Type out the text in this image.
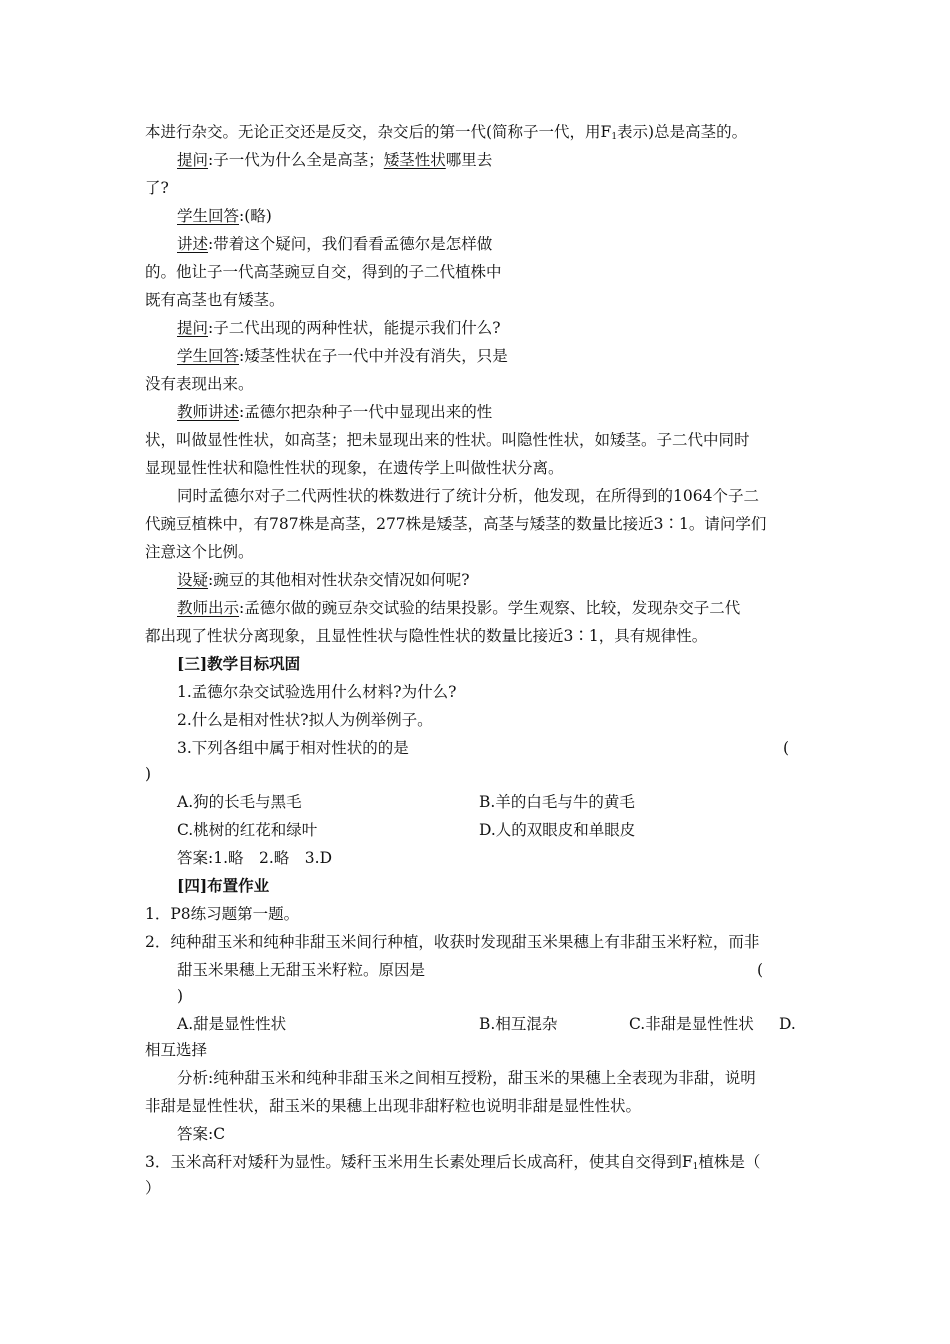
本进行杂交。无论正交还是反交，杂交后的第一代(简称子一代，用$F_1$表示)总是高茎的。
提问:子一代为什么全是高茎；矮茎性状哪里去
了?
学生回答:(略)
讲述:带着这个疑问，我们看看孟德尔是怎样做
的。他让子一代高茎豌豆自交，得到的子二代植株中
既有高茎也有矮茎。
提问:子二代出现的两种性状，能提示我们什么?
学生回答:矮茎性状在子一代中并没有消失，只是
没有表现出来。
教师讲述:孟德尔把杂种子一代中显现出来的性
状，叫做显性性状，如高茎；把未显现出来的性状。叫隐性性状，如矮茎。子二代中同时
显现显性性状和隐性性状的现象，在遗传学上叫做性状分离。
同时孟德尔对子二代两性状的株数进行了统计分析，他发现，在所得到的1064个子二
代豌豆植株中，有787株是高茎，277株是矮茎，高茎与矮茎的数量比接近3∶1。请问学们
注意这个比例。
设疑:豌豆的其他相对性状杂交情况如何呢?
教师出示:孟德尔做的豌豆杂交试验的结果投影。学生观察、比较，发现杂交子二代
都出现了性状分离现象，且显性性状与隐性性状的数量比接近3∶1，具有规律性。
[三]教学目标巩固
1.孟德尔杂交试验选用什么材料?为什么?
2.什么是相对性状?拟人为例举例子。
3.下列各组中属于相对性状的的是	(
)
A.狗的长毛与黑毛	B.羊的白毛与牛的黄毛
C.桃树的红花和绿叶	D.人的双眼皮和单眼皮
答案:1.略　2.略　3.D
[四]布置作业
1．P8练习题第一题。
2．纯种甜玉米和纯种非甜玉米间行种植，收获时发现甜玉米果穗上有非甜玉米籽粒，而非
甜玉米果穗上无甜玉米籽粒。原因是	(
)
A.甜是显性性状	B.相互混杂	C.非甜是显性性状 D.
相互选择
分析:纯种甜玉米和纯种非甜玉米之间相互授粉，甜玉米的果穗上全表现为非甜，说明
非甜是显性性状，甜玉米的果穗上出现非甜籽粒也说明非甜是显性性状。
答案:C
3．玉米高秆对矮秆为显性。矮秆玉米用生长素处理后长成高秆，使其自交得到$F_1$植株是（
）
